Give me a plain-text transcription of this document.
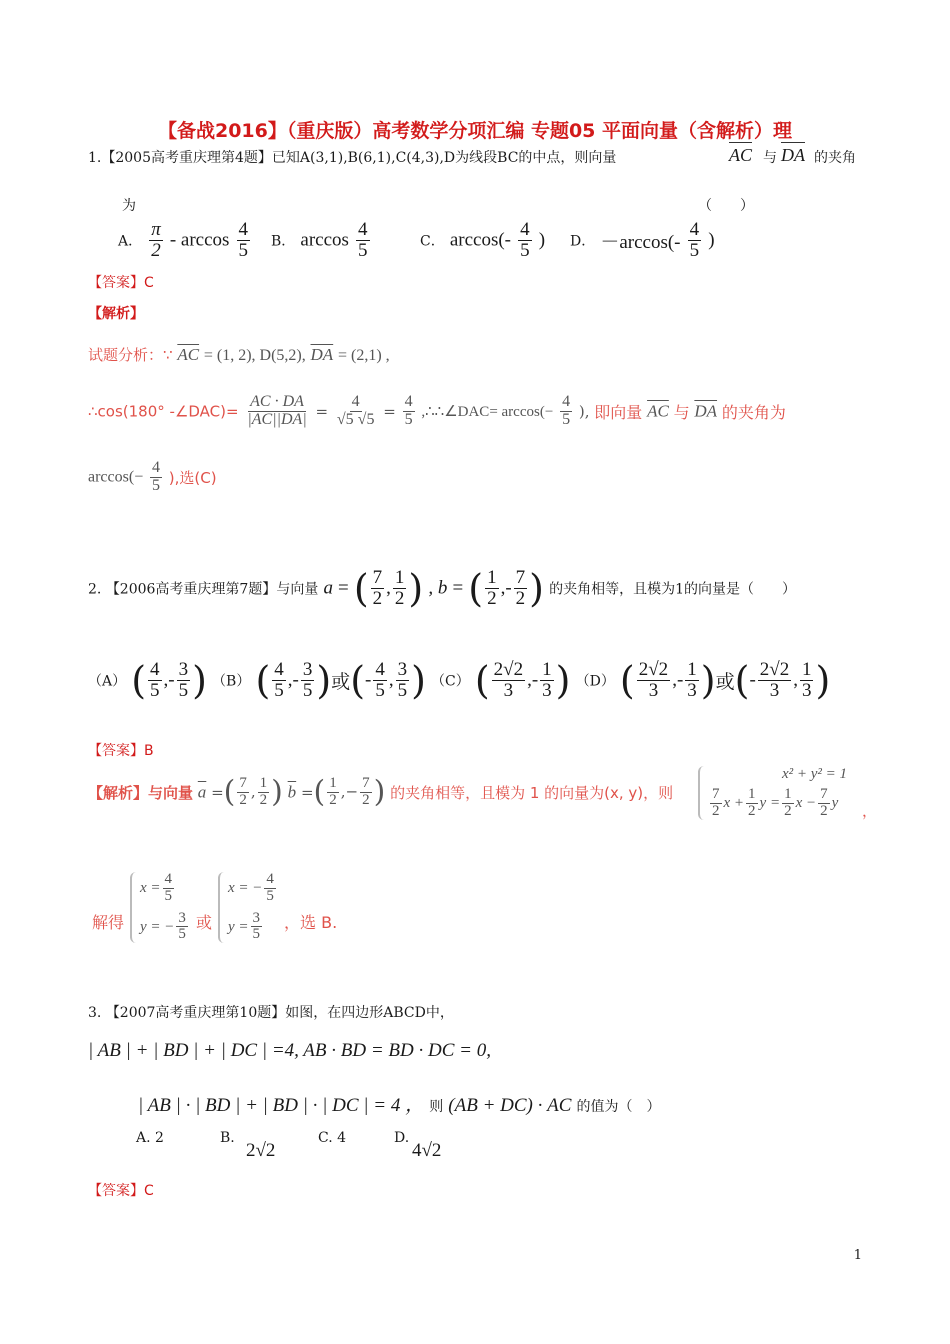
【备战2016】（重庆版）高考数学分项汇编 专题05 平面向量（含解析）理
1.【2005高考重庆理第4题】已知A(3,1),B(6,1),C(4,3),D为线段BC的中点，则向量	AC 与 DA 的夹角
为	（　　）
A． $\frac{\pi}{2}$ - $\arccos \frac{4}{5}$ B． $\arccos \frac{4}{5}$	C． $\arccos(- \frac{4}{5}$ ) D． $-\arccos(- \frac{4}{5}$ )
【答案】C
【解析】
试题分析：∵ $\overline{AC} = (1$, 2), D(5,2), $\overline{DA} = (2,1)$ ,
∴cos(180° -∠DAC)= $\frac{AC \cdot DA}{|AC||DA|} = \frac{4}{√5 √5} = \frac{4}{5}$ ,∴∴∠DAC= $\arccos(- \frac{4}{5}$ ), 即向量 $\overline{AC}$ 与 $\overline{DA}$ 的夹角为
$\arccos(- \frac{4}{5}$ ),选(C)
2. 【2006高考重庆理第7题】与向量 a = ( $\frac{7}{2}$ , $\frac{1}{2}$ ) , b = ( $\frac{1}{2}$ ,- $\frac{7}{2}$ ) 的夹角相等，且模为1的向量是（　　）
（A） ( $\frac{4}{5}$ ,- $\frac{3}{5}$ ) （B） ( $\frac{4}{5}$ ,- $\frac{3}{5}$ )或(- $\frac{4}{5}$ , $\frac{3}{5}$ ) （C） ( $\frac{2√2}{3}$ ,- $\frac{1}{3}$ ) （D） ( $\frac{2√2}{3}$ ,- $\frac{1}{3}$ )或(- $\frac{2√2}{3}$ , $\frac{1}{3}$ )
【答案】B
【解析】与向量 $\overline{a}$ =( $\frac{7}{2}$ , $\frac{1}{2}$ ) $\overline{b}$ =( $\frac{1}{2}$ ,− $\frac{7}{2}$ ) 的夹角相等，且模为 1 的向量为(x, y)，则
x² + y² = 1
$\frac{7}{2}$ $x + \frac{1}{2}$ $y = \frac{1}{2}$ $x - \frac{7}{2}$ y	，
解得
$x = \frac{4}{5}$
y = − $\frac{3}{5}$ 或
x = − $\frac{4}{5}$
$y = \frac{3}{5}$ ，选 B.
3. 【2007高考重庆理第10题】如图，在四边形ABCD中，
| AB | + | BD | + | DC | =4, AB · BD = BD · DC = 0,
| AB | · | BD | + | BD | · | DC | = 4 ， 则 (AB + DC) · AC 的值为（　）
A. 2	B.
2√2
C. 4	D.
4√2
【答案】C
1
